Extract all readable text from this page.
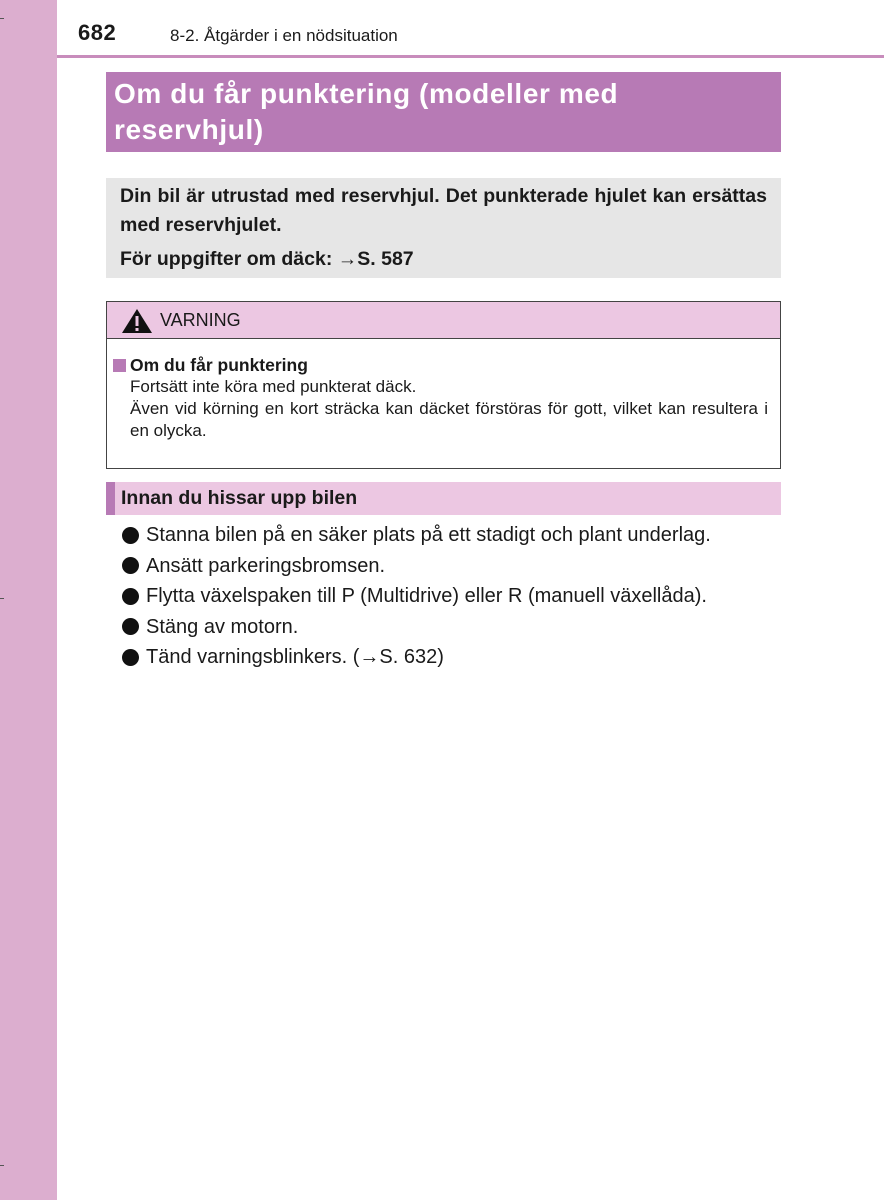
682	8-2. Åtgärder i en nödsituation
Om du får punktering (modeller med
reservhjul)
Din bil är utrustad med reservhjul. Det punkterade hjulet kan ersättas med reservhjulet.
För uppgifter om däck: →S. 587
VARNING
Om du får punktering
Fortsätt inte köra med punkterat däck.
Även vid körning en kort sträcka kan däcket förstöras för gott, vilket kan resultera i en olycka.
Innan du hissar upp bilen
Stanna bilen på en säker plats på ett stadigt och plant underlag.
Ansätt parkeringsbromsen.
Flytta växelspaken till P (Multidrive) eller R (manuell växellåda).
Stäng av motorn.
Tänd varningsblinkers. (→S. 632)
